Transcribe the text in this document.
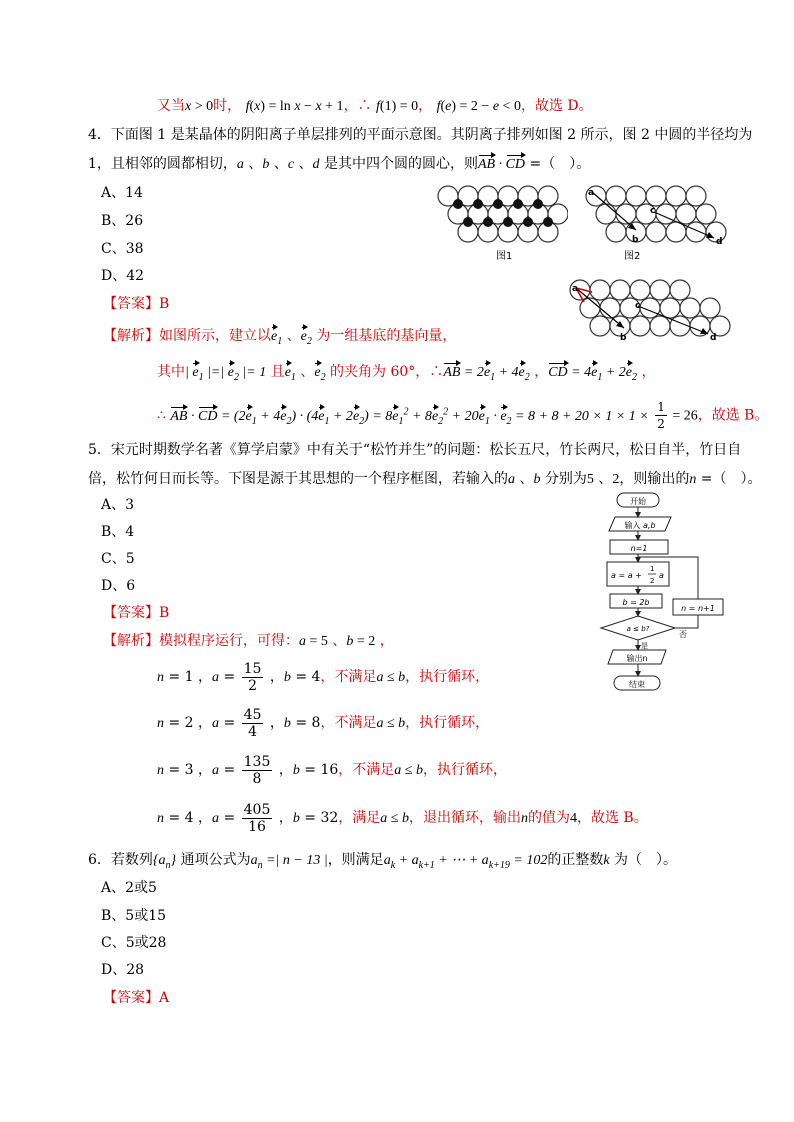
又当x > 0时， f(x) = ln x − x + 1，∴ f(1) = 0， f(e) = 2 − e < 0，故选 D。
4．下面图 1 是某晶体的阴阳离子单层排列的平面示意图。其阴离子排列如图 2 所示，图 2 中圆的半径均为
1，且相邻的圆都相切，a 、b 、c 、d 是其中四个圆的圆心，则AB · CD =（　）。
A、14
B、26
C、38
D、42
【答案】B
【解析】如图所示，建立以$e_1$ 、$e_2$ 为一组基底的基向量，
其中| $e_1$ |=| $e_2$ |= 1 且$e_1$ 、$e_2$ 的夹角为 60°，∴AB = $2e_1 + 4e_2$ ，CD = $4e_1 + 2e_2$ ，
∴ AB · CD = $(2e_1 + 4e_2) \cdot (4e_1 + 2e_2) = 8e_1^2 + 8e_2^2 + 20e_1 \cdot e_2 = 8 + 8 + 20 \times 1 \times 1 \times \frac{1}{2} = 26$，故选 B。
图1
a
b
c
d
图2
a
b
c
d
5．宋元时期数学名著《算学启蒙》中有关于“松竹并生”的问题：松长五尺，竹长两尺，松日自半，竹日自
倍，松竹何日而长等。下图是源于其思想的一个程序框图，若输入的a 、b 分别为5 、2，则输出的n =（　）。
A、3
B、4
C、5
D、6
【答案】B
【解析】模拟程序运行，可得：a = 5 、b = 2 ，
n = 1 ，$a = \frac{15}{2}$ ，b = 4，不满足a ≤ b，执行循环，
n = 2 ，$a = \frac{45}{4}$ ，b = 8，不满足a ≤ b，执行循环，
n = 3 ，$a = \frac{135}{8}$ ，b = 16，不满足a ≤ b，执行循环，
n = 4 ，$a = \frac{405}{16}$ ，b = 32，满足a ≤ b，退出循环，输出n的值为4，故选 B。
开始
输入 a,b
n=1
a = a +
1
2
a
b = 2b
n = n+1
a ≤ b?
否
是
输出n
结束
6．若数列$\{a_n\}$ 通项公式为$a_n$ =| n − 13 |，则满足$a_k + a_{k+1}$ + ⋯ + $a_{k+19} = 102$的正整数k 为（　）。
A、2或5
B、5或15
C、5或28
D、28
【答案】A
